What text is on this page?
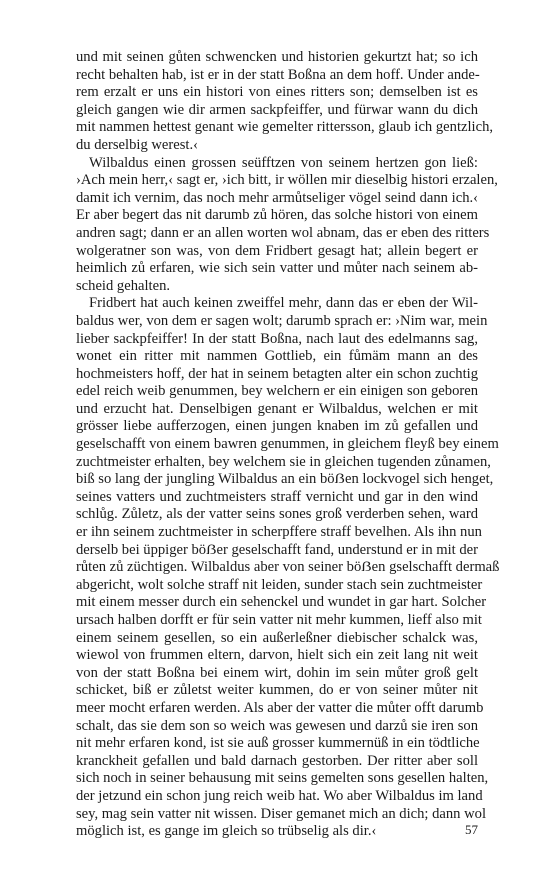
und mit seinen gůten schwencken und historien gekurtzt hat; so ich
recht behalten hab, ist er in der statt Boßna an dem hoff. Under ande-
rem erzalt er uns ein histori von eines ritters son; demselben ist es
gleich gangen wie dir armen sackpfeiffer, und fürwar wann du dich
mit nammen hettest genant wie gemelter rittersson, glaub ich gentzlich,
du derselbig werest.‹
Wilbaldus einen grossen seüfftzen von seinem hertzen gon ließ:
›Ach mein herr,‹ sagt er, ›ich bitt, ir wöllen mir dieselbig histori erzalen,
damit ich vernim, das noch mehr armůtseliger vögel seind dann ich.‹
Er aber begert das nit darumb zů hören, das solche histori von einem
andren sagt; dann er an allen worten wol abnam, das er eben des ritters
wolgeratner son was, von dem Fridbert gesagt hat; allein begert er
heimlich zů erfaren, wie sich sein vatter und můter nach seinem ab-
scheid gehalten.
Fridbert hat auch keinen zweiffel mehr, dann das er eben der Wil-
baldus wer, von dem er sagen wolt; darumb sprach er: ›Nim war, mein
lieber sackpfeiffer! In der statt Boßna, nach laut des edelmanns sag,
wonet ein ritter mit nammen Gottlieb, ein fůmäm mann an des
hochmeisters hoff, der hat in seinem betagten alter ein schon zuchtig
edel reich weib genummen, bey welchern er ein einigen son geboren
und erzucht hat. Denselbigen genant er Wilbaldus, welchen er mit
grösser liebe aufferzogen, einen jungen knaben im zů gefallen und
geselschafft von einem bawren genummen, in gleichem fleyß bey einem
zuchtmeister erhalten, bey welchem sie in gleichen tugenden zůnamen,
biß so lang der jungling Wilbaldus an ein böẞen lockvogel sich henget,
seines vatters und zuchtmeisters straff vernicht und gar in den wind
schlůg. Zůletz, als der vatter seins sones groß verderben sehen, ward
er ihn seinem zuchtmeister in scherpffere straff bevelhen. Als ihn nun
derselb bei üppiger böẞer geselschafft fand, understund er in mit der
růten zů züchtigen. Wilbaldus aber von seiner böẞen gselschafft dermaß
abgericht, wolt solche straff nit leiden, sunder stach sein zuchtmeister
mit einem messer durch ein sehenckel und wundet in gar hart. Solcher
ursach halben dorfft er für sein vatter nit mehr kummen, lieff also mit
einem seinem gesellen, so ein außerleßner diebischer schalck was,
wiewol von frummen eltern, darvon, hielt sich ein zeit lang nit weit
von der statt Boßna bei einem wirt, dohin im sein můter groß gelt
schicket, biß er zůletst weiter kummen, do er von seiner můter nit
meer mocht erfaren werden. Als aber der vatter die můter offt darumb
schalt, das sie dem son so weich was gewesen und darzů sie iren son
nit mehr erfaren kond, ist sie auß grosser kummernüß in ein tödtliche
kranckheit gefallen und bald darnach gestorben. Der ritter aber soll
sich noch in seiner behausung mit seins gemelten sons gesellen halten,
der jetzund ein schon jung reich weib hat. Wo aber Wilbaldus im land
sey, mag sein vatter nit wissen. Diser gemanet mich an dich; dann wol
möglich ist, es gange im gleich so trübselig als dir.‹	57
